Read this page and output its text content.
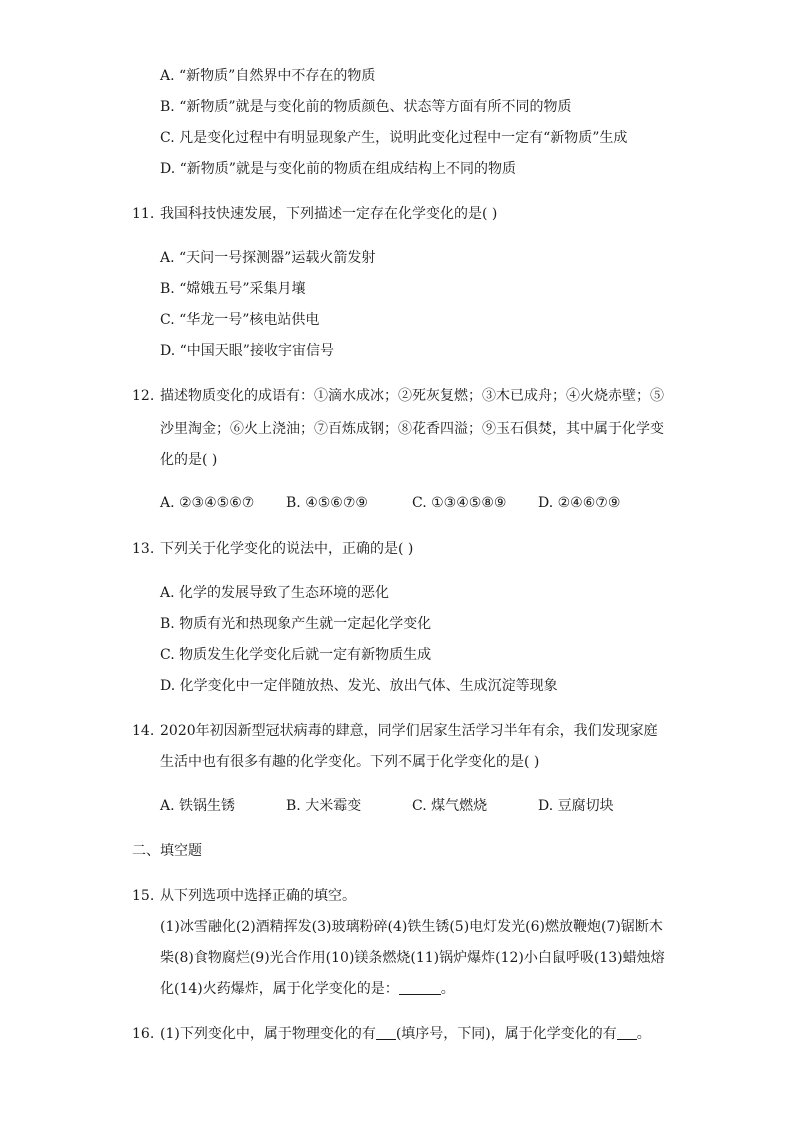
A. “新物质”自然界中不存在的物质
B. “新物质”就是与变化前的物质颜色、状态等方面有所不同的物质
C. 凡是变化过程中有明显现象产生，说明此变化过程中一定有“新物质”生成
D. “新物质”就是与变化前的物质在组成结构上不同的物质
11. 我国科技快速发展，下列描述一定存在化学变化的是( )
A. “天问一号探测器”运载火箭发射
B. “嫦娥五号”采集月壤
C. “华龙一号”核电站供电
D. “中国天眼”接收宇宙信号
12. 描述物质变化的成语有：①滴水成冰；②死灰复燃；③木已成舟；④火烧赤壁；⑤
沙里淘金；⑥火上浇油；⑦百炼成钢；⑧花香四溢；⑨玉石俱焚，其中属于化学变
化的是( )
A. ②③④⑤⑥⑦ B. ④⑤⑥⑦⑨	C. ①③④⑤⑧⑨ D. ②④⑥⑦⑨
13. 下列关于化学变化的说法中，正确的是( )
A. 化学的发展导致了生态环境的恶化
B. 物质有光和热现象产生就一定起化学变化
C. 物质发生化学变化后就一定有新物质生成
D. 化学变化中一定伴随放热、发光、放出气体、生成沉淀等现象
14. 2020年初因新型冠状病毒的肆意，同学们居家生活学习半年有余，我们发现家庭
生活中也有很多有趣的化学变化。下列不属于化学变化的是( )
A. 铁锅生锈	B. 大米霉变	C. 煤气燃烧	D. 豆腐切块
二、填空题
15. 从下列选项中选择正确的填空。
(1)冰雪融化(2)酒精挥发(3)玻璃粉碎(4)铁生锈(5)电灯发光(6)燃放鞭炮(7)锯断木
柴(8)食物腐烂(9)光合作用(10)镁条燃烧(11)锅炉爆炸(12)小白鼠呼吸(13)蜡烛熔
化(14)火药爆炸，属于化学变化的是：	。
16. (1)下列变化中，属于物理变化的有 (填序号，下同)，属于化学变化的有 。
